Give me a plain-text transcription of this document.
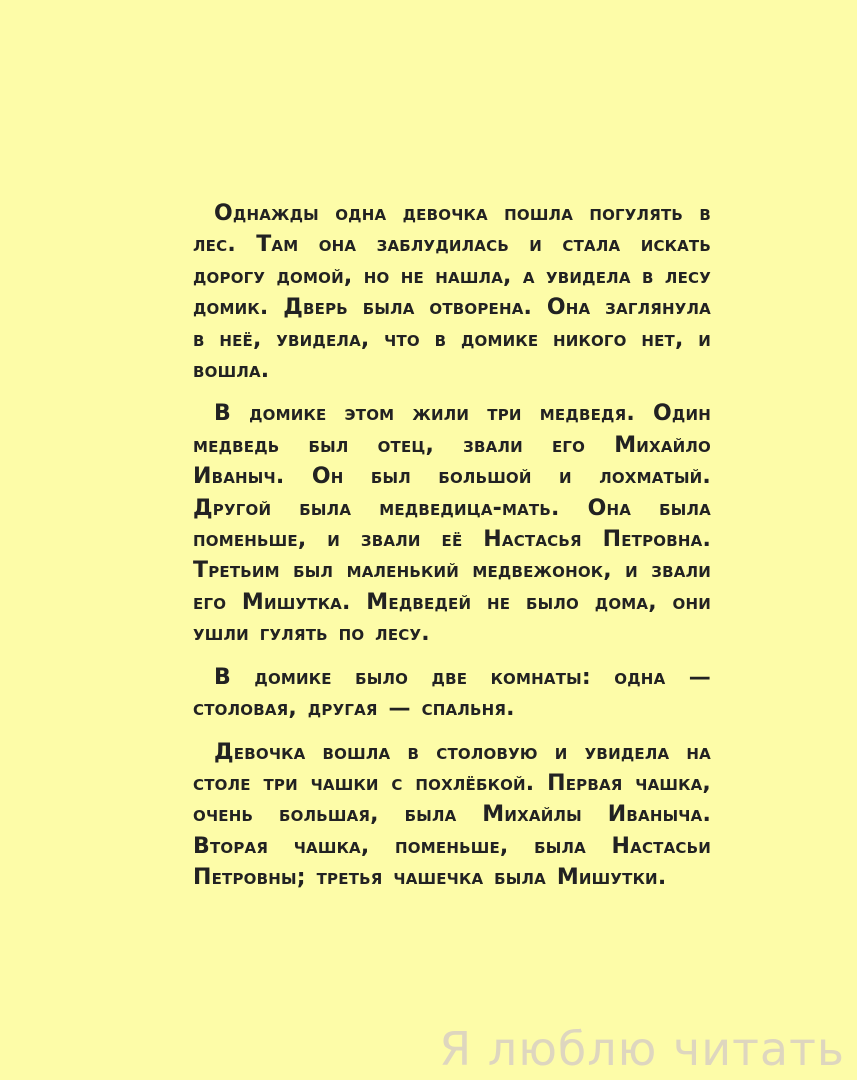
Однажды одна девочка пошла погулять в лес. Там она заблудилась и стала искать дорогу домой, но не нашла, а увидела в лесу домик. Дверь была отворена. Она заглянула в неё, увидела, что в домике никого нет, и вошла.

В домике этом жили три медведя. Один медведь был отец, звали его Михайло Иваныч. Он был большой и лохматый. Другой была медведица-мать. Она была поменьше, и звали её Настасья Петровна. Третьим был маленький медвежонок, и звали его Мишутка. Медведей не было дома, они ушли гулять по лесу.

В домике было две комнаты: одна — столовая, другая — спальня.

Девочка вошла в столовую и увидела на столе три чашки с похлёбкой. Первая чашка, очень большая, была Михайлы Иваныча. Вторая чашка, поменьше, была Настасьи Петровны; третья чашечка была Мишутки.

Я люблю читать
